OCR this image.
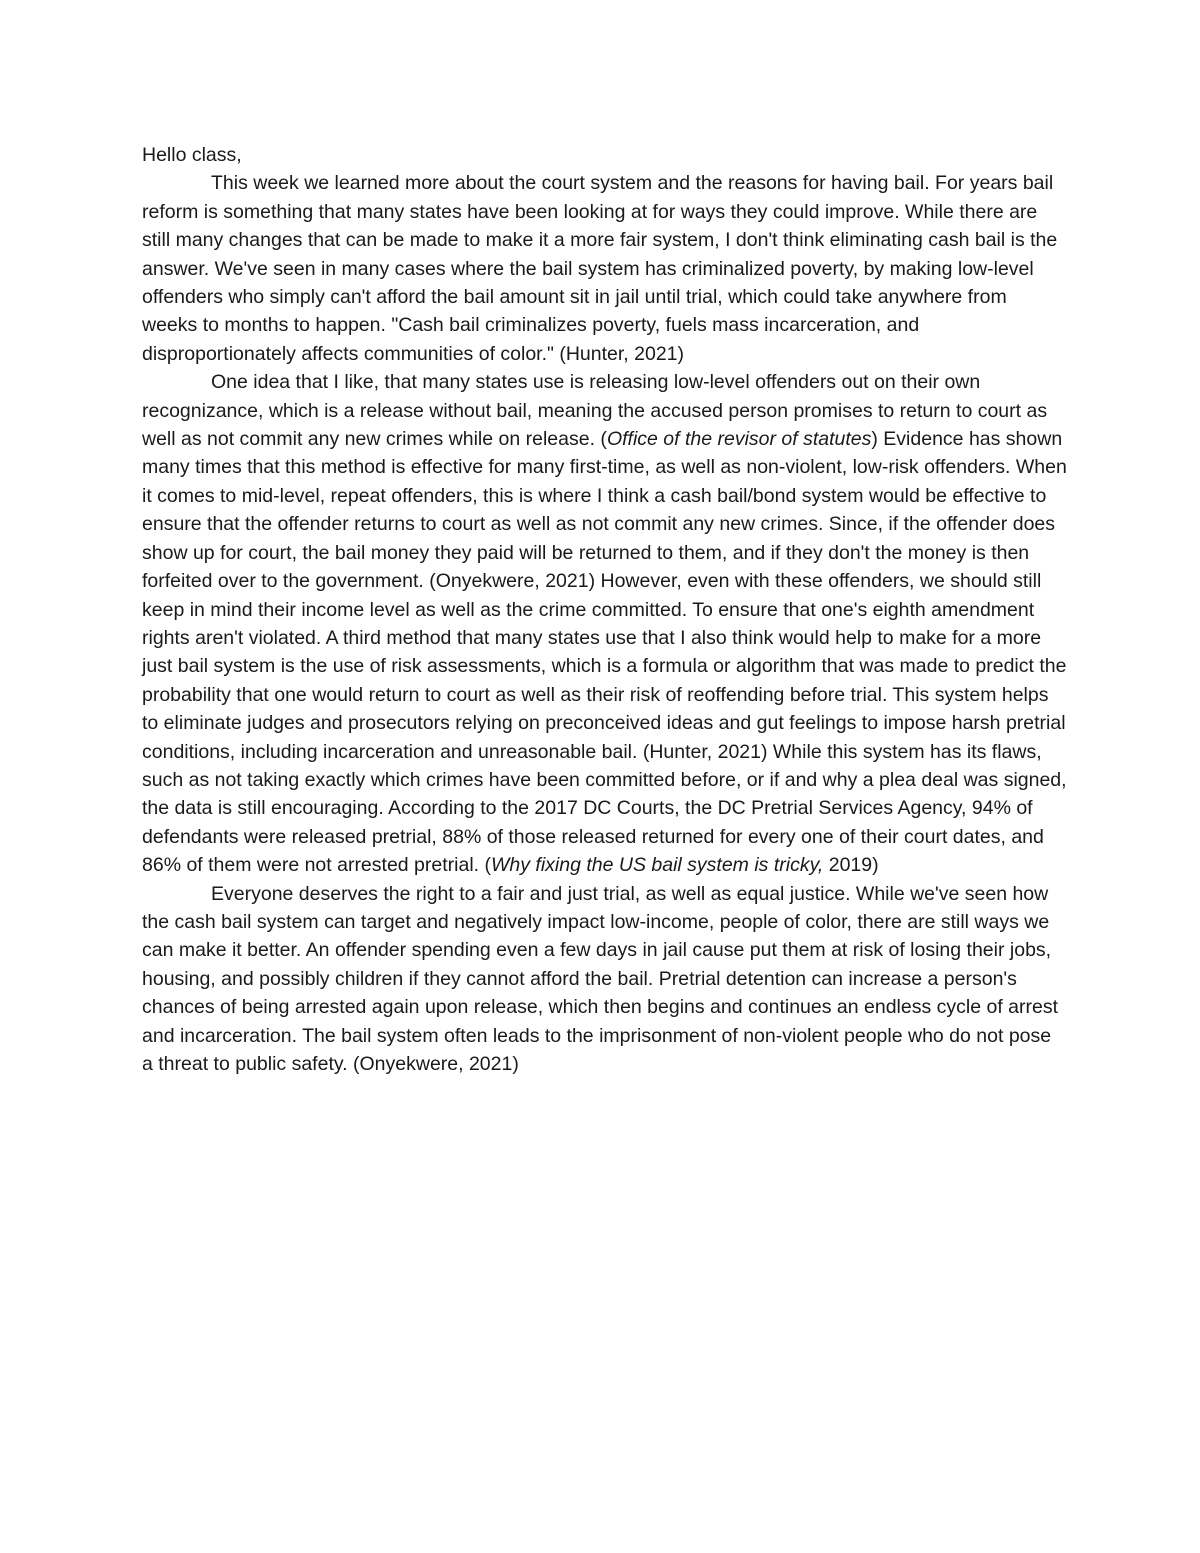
Hello class,

This week we learned more about the court system and the reasons for having bail. For years bail reform is something that many states have been looking at for ways they could improve. While there are still many changes that can be made to make it a more fair system, I don't think eliminating cash bail is the answer. We've seen in many cases where the bail system has criminalized poverty, by making low-level offenders who simply can't afford the bail amount sit in jail until trial, which could take anywhere from weeks to months to happen. "Cash bail criminalizes poverty, fuels mass incarceration, and disproportionately affects communities of color." (Hunter, 2021)

One idea that I like, that many states use is releasing low-level offenders out on their own recognizance, which is a release without bail, meaning the accused person promises to return to court as well as not commit any new crimes while on release. (Office of the revisor of statutes) Evidence has shown many times that this method is effective for many first-time, as well as non-violent, low-risk offenders. When it comes to mid-level, repeat offenders, this is where I think a cash bail/bond system would be effective to ensure that the offender returns to court as well as not commit any new crimes. Since, if the offender does show up for court, the bail money they paid will be returned to them, and if they don't the money is then forfeited over to the government. (Onyekwere, 2021) However, even with these offenders, we should still keep in mind their income level as well as the crime committed. To ensure that one's eighth amendment rights aren't violated. A third method that many states use that I also think would help to make for a more just bail system is the use of risk assessments, which is a formula or algorithm that was made to predict the probability that one would return to court as well as their risk of reoffending before trial. This system helps to eliminate judges and prosecutors relying on preconceived ideas and gut feelings to impose harsh pretrial conditions, including incarceration and unreasonable bail. (Hunter, 2021) While this system has its flaws, such as not taking exactly which crimes have been committed before, or if and why a plea deal was signed, the data is still encouraging. According to the 2017 DC Courts, the DC Pretrial Services Agency, 94% of defendants were released pretrial, 88% of those released returned for every one of their court dates, and 86% of them were not arrested pretrial. (Why fixing the US bail system is tricky, 2019)

Everyone deserves the right to a fair and just trial, as well as equal justice. While we've seen how the cash bail system can target and negatively impact low-income, people of color, there are still ways we can make it better. An offender spending even a few days in jail cause put them at risk of losing their jobs, housing, and possibly children if they cannot afford the bail. Pretrial detention can increase a person's chances of being arrested again upon release, which then begins and continues an endless cycle of arrest and incarceration. The bail system often leads to the imprisonment of non-violent people who do not pose a threat to public safety. (Onyekwere, 2021)
